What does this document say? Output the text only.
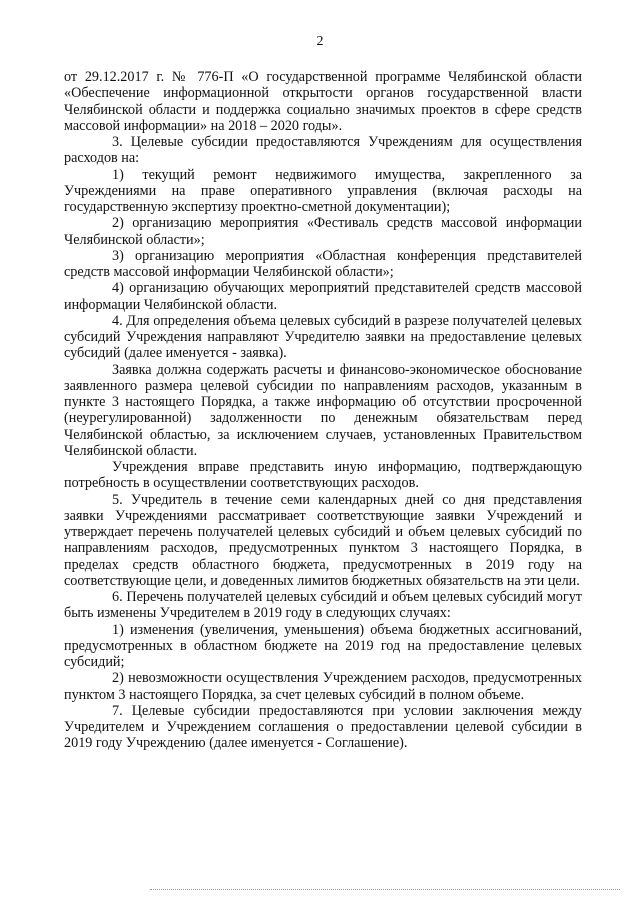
2

от 29.12.2017 г. № 776-П «О государственной программе Челябинской области «Обеспечение информационной открытости органов государственной власти Челябинской области и поддержка социально значимых проектов в сфере средств массовой информации» на 2018 – 2020 годы».

3. Целевые субсидии предоставляются Учреждениям для осуществления расходов на:

1) текущий ремонт недвижимого имущества, закрепленного за Учреждениями на праве оперативного управления (включая расходы на государственную экспертизу проектно-сметной документации);

2) организацию мероприятия «Фестиваль средств массовой информации Челябинской области»;

3) организацию мероприятия «Областная конференция представителей средств массовой информации Челябинской области»;

4) организацию обучающих мероприятий представителей средств массовой информации Челябинской области.

4. Для определения объема целевых субсидий в разрезе получателей целевых субсидий Учреждения направляют Учредителю заявки на предоставление целевых субсидий (далее именуется - заявка).

Заявка должна содержать расчеты и финансово-экономическое обоснование заявленного размера целевой субсидии по направлениям расходов, указанным в пункте 3 настоящего Порядка, а также информацию об отсутствии просроченной (неурегулированной) задолженности по денежным обязательствам перед Челябинской областью, за исключением случаев, установленных Правительством Челябинской области.

Учреждения вправе представить иную информацию, подтверждающую потребность в осуществлении соответствующих расходов.

5. Учредитель в течение семи календарных дней со дня представления заявки Учреждениями рассматривает соответствующие заявки Учреждений и утверждает перечень получателей целевых субсидий и объем целевых субсидий по направлениям расходов, предусмотренных пунктом 3 настоящего Порядка, в пределах средств областного бюджета, предусмотренных в 2019 году на соответствующие цели, и доведенных лимитов бюджетных обязательств на эти цели.

6. Перечень получателей целевых субсидий и объем целевых субсидий могут быть изменены Учредителем в 2019 году в следующих случаях:

1) изменения (увеличения, уменьшения) объема бюджетных ассигнований, предусмотренных в областном бюджете на 2019 год на предоставление целевых субсидий;

2) невозможности осуществления Учреждением расходов, предусмотренных пунктом 3 настоящего Порядка, за счет целевых субсидий в полном объеме.

7. Целевые субсидии предоставляются при условии заключения между Учредителем и Учреждением соглашения о предоставлении целевой субсидии в 2019 году Учреждению (далее именуется - Соглашение).
